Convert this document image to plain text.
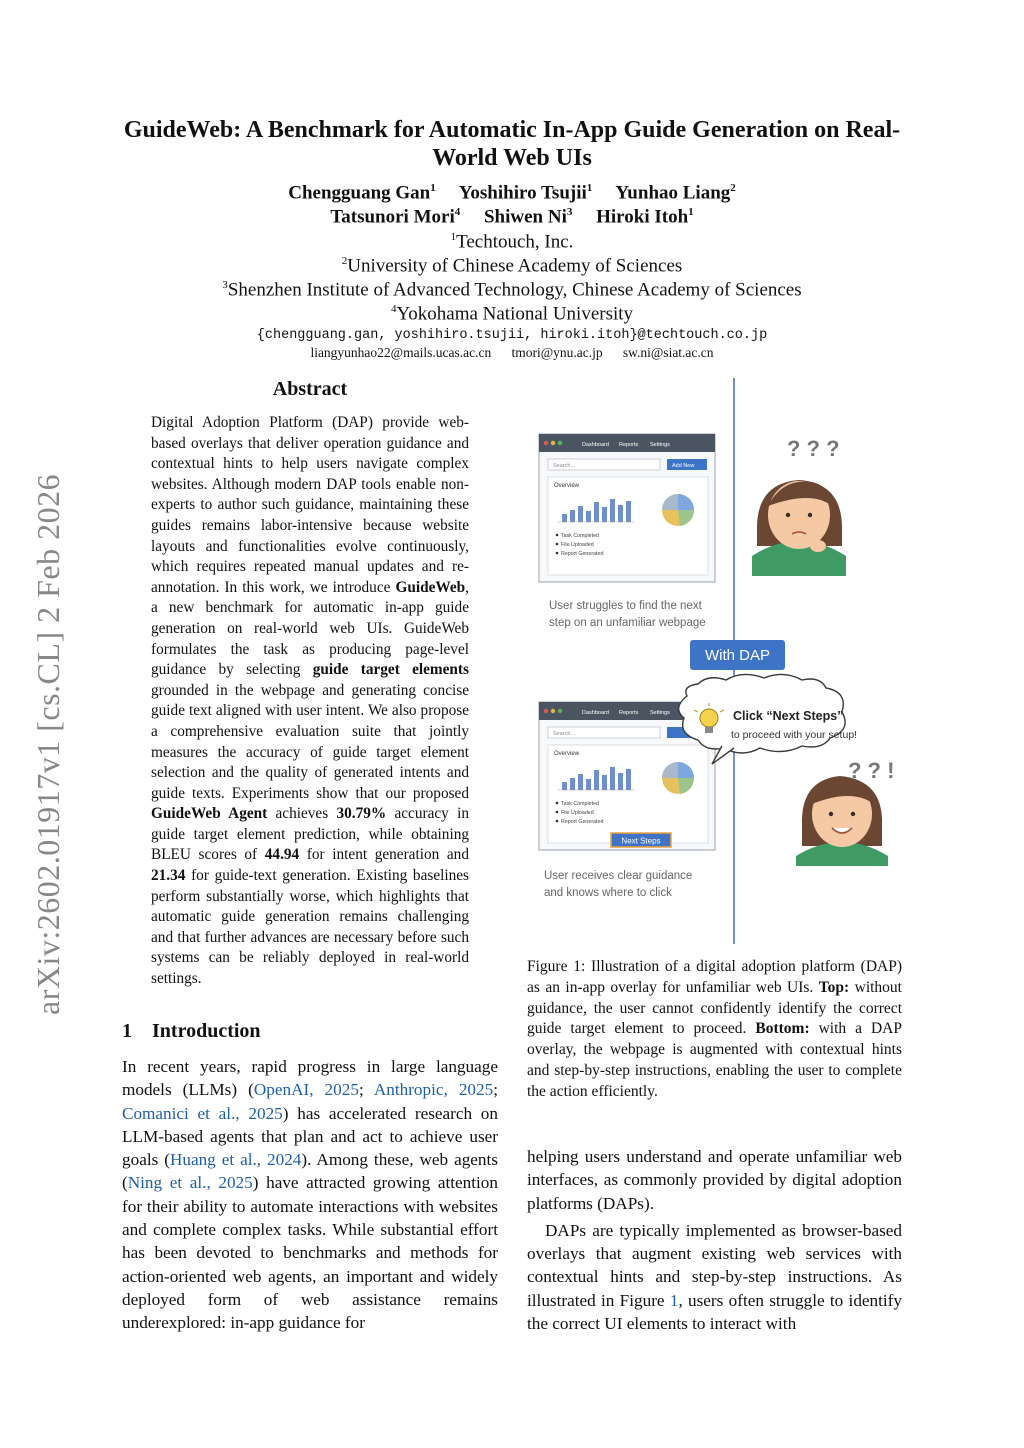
GuideWeb: A Benchmark for Automatic In-App Guide Generation on Real-World Web UIs
Chengguang Gan$^1$ Yoshihiro Tsujii$^1$ Yunhao Liang$^2$
Tatsunori Mori$^4$ Shiwen Ni$^3$ Hiroki Itoh$^1$
$^1$Techtouch, Inc.
$^2$University of Chinese Academy of Sciences
$^3$Shenzhen Institute of Advanced Technology, Chinese Academy of Sciences
$^4$Yokohama National University
{chengguang.gan, yoshihiro.tsujii, hiroki.itoh}@techtouch.co.jp
liangyunhao22@mails.ucas.ac.cn tmori@ynu.ac.jp sw.ni@siat.ac.cn
arXiv:2602.01917v1 [cs.CL] 2 Feb 2026
Abstract
Digital Adoption Platform (DAP) provide web-based overlays that deliver operation guidance and contextual hints to help users navigate complex websites. Although modern DAP tools enable non-experts to author such guidance, maintaining these guides remains labor-intensive because website layouts and functionalities evolve continuously, which requires repeated manual updates and re-annotation. In this work, we introduce GuideWeb, a new benchmark for automatic in-app guide generation on real-world web UIs. GuideWeb formulates the task as producing page-level guidance by selecting guide target elements grounded in the webpage and generating concise guide text aligned with user intent. We also propose a comprehensive evaluation suite that jointly measures the accuracy of guide target element selection and the quality of generated intents and guide texts. Experiments show that our proposed GuideWeb Agent achieves 30.79% accuracy in guide target element prediction, while obtaining BLEU scores of 44.94 for intent generation and 21.34 for guide-text generation. Existing baselines perform substantially worse, which highlights that automatic guide generation remains challenging and that further advances are necessary before such systems can be reliably deployed in real-world settings.
1 Introduction
In recent years, rapid progress in large language models (LLMs) (OpenAI, 2025; Anthropic, 2025; Comanici et al., 2025) has accelerated research on LLM-based agents that plan and act to achieve user goals (Huang et al., 2024). Among these, web agents (Ning et al., 2025) have attracted growing attention for their ability to automate interactions with websites and complete complex tasks. While substantial effort has been devoted to benchmarks and methods for action-oriented web agents, an important and widely deployed form of web assistance remains underexplored: in-app guidance for
Dashboard Reports Settings
Search...	Add New
Overview
Task Completed
File Uploaded
Report Generated
User struggles to find the next
step on an unfamiliar webpage
? ? ?
With DAP
Dashboard Reports Settings
Search...
Overview
Task Completed
File Uploaded
Report Generated
Next Steps
User receives clear guidance
and knows where to click
Click “Next Steps”
to proceed with your setup!
? ? !
Figure 1: Illustration of a digital adoption platform (DAP) as an in-app overlay for unfamiliar web UIs. Top: without guidance, the user cannot confidently identify the correct guide target element to proceed. Bottom: with a DAP overlay, the webpage is augmented with contextual hints and step-by-step instructions, enabling the user to complete the action efficiently.
helping users understand and operate unfamiliar web interfaces, as commonly provided by digital adoption platforms (DAPs).
DAPs are typically implemented as browser-based overlays that augment existing web services with contextual hints and step-by-step instructions. As illustrated in Figure 1, users often struggle to identify the correct UI elements to interact with
